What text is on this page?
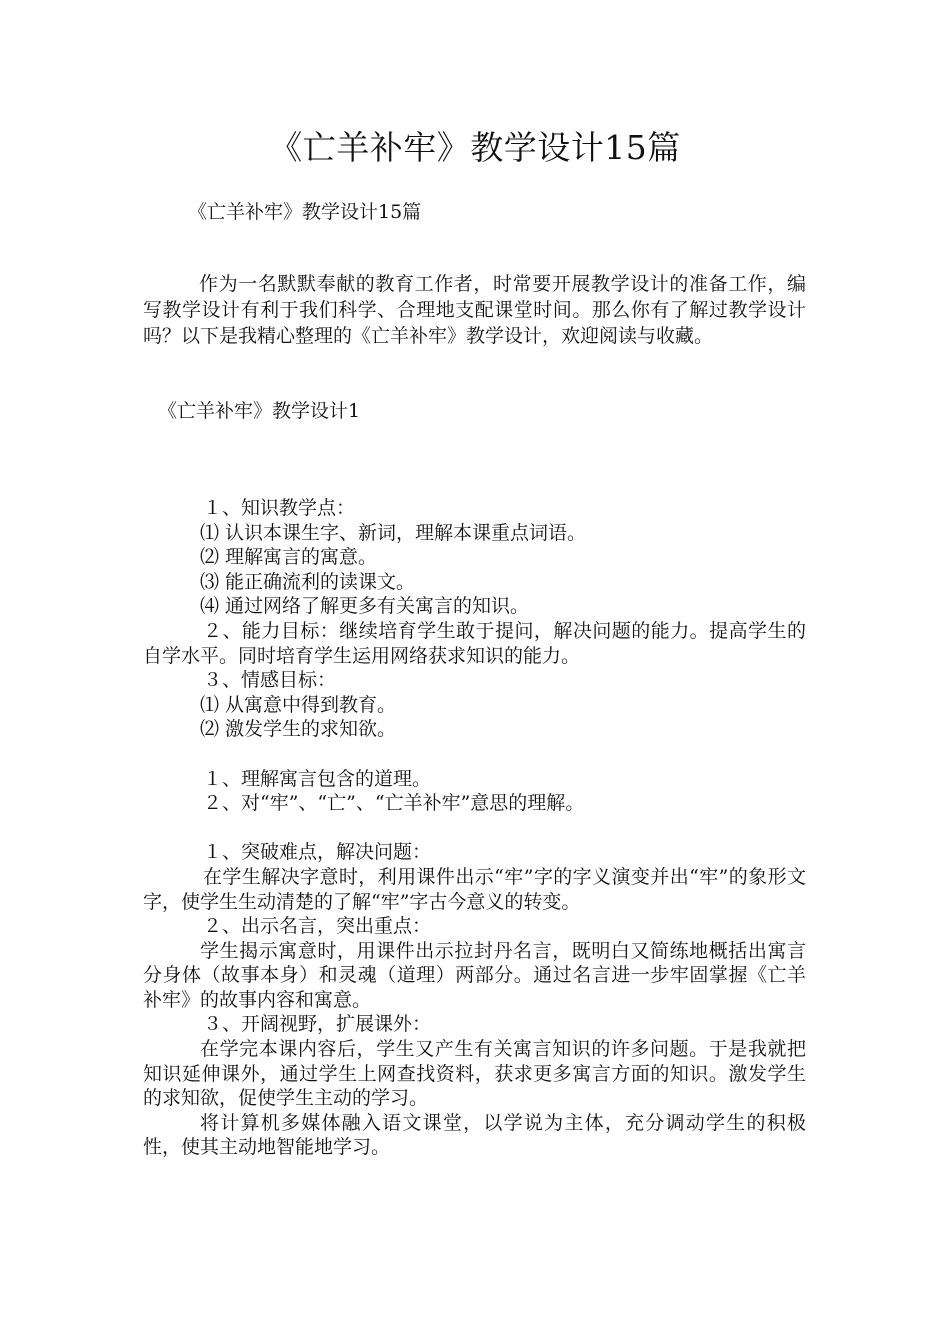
《亡羊补牢》教学设计15篇
《亡羊补牢》教学设计15篇

作为一名默默奉献的教育工作者，时常要开展教学设计的准备工作，编写教学设计有利于我们科学、合理地支配课堂时间。那么你有了解过教学设计吗？以下是我精心整理的《亡羊补牢》教学设计，欢迎阅读与收藏。

《亡羊补牢》教学设计1
１、知识教学点：
⑴ 认识本课生字、新词，理解本课重点词语。
⑵ 理解寓言的寓意。
⑶ 能正确流利的读课文。
⑷ 通过网络了解更多有关寓言的知识。
２、能力目标：继续培育学生敢于提问，解决问题的能力。提高学生的自学水平。同时培育学生运用网络获求知识的能力。
３、情感目标：
⑴ 从寓意中得到教育。
⑵ 激发学生的求知欲。
１、理解寓言包含的道理。
２、对“牢”、“亡”、“亡羊补牢”意思的理解。
１、突破难点，解决问题：
在学生解决字意时，利用课件出示“牢”字的字义演变并出“牢”的象形文字，使学生生动清楚的了解“牢”字古今意义的转变。
２、出示名言，突出重点：
学生揭示寓意时，用课件出示拉封丹名言，既明白又简练地概括出寓言分身体（故事本身）和灵魂（道理）两部分。通过名言进一步牢固掌握《亡羊补牢》的故事内容和寓意。
３、开阔视野，扩展课外：
在学完本课内容后，学生又产生有关寓言知识的许多问题。于是我就把知识延伸课外，通过学生上网查找资料，获求更多寓言方面的知识。激发学生的求知欲，促使学生主动的学习。
将计算机多媒体融入语文课堂，以学说为主体，充分调动学生的积极性，使其主动地智能地学习。
